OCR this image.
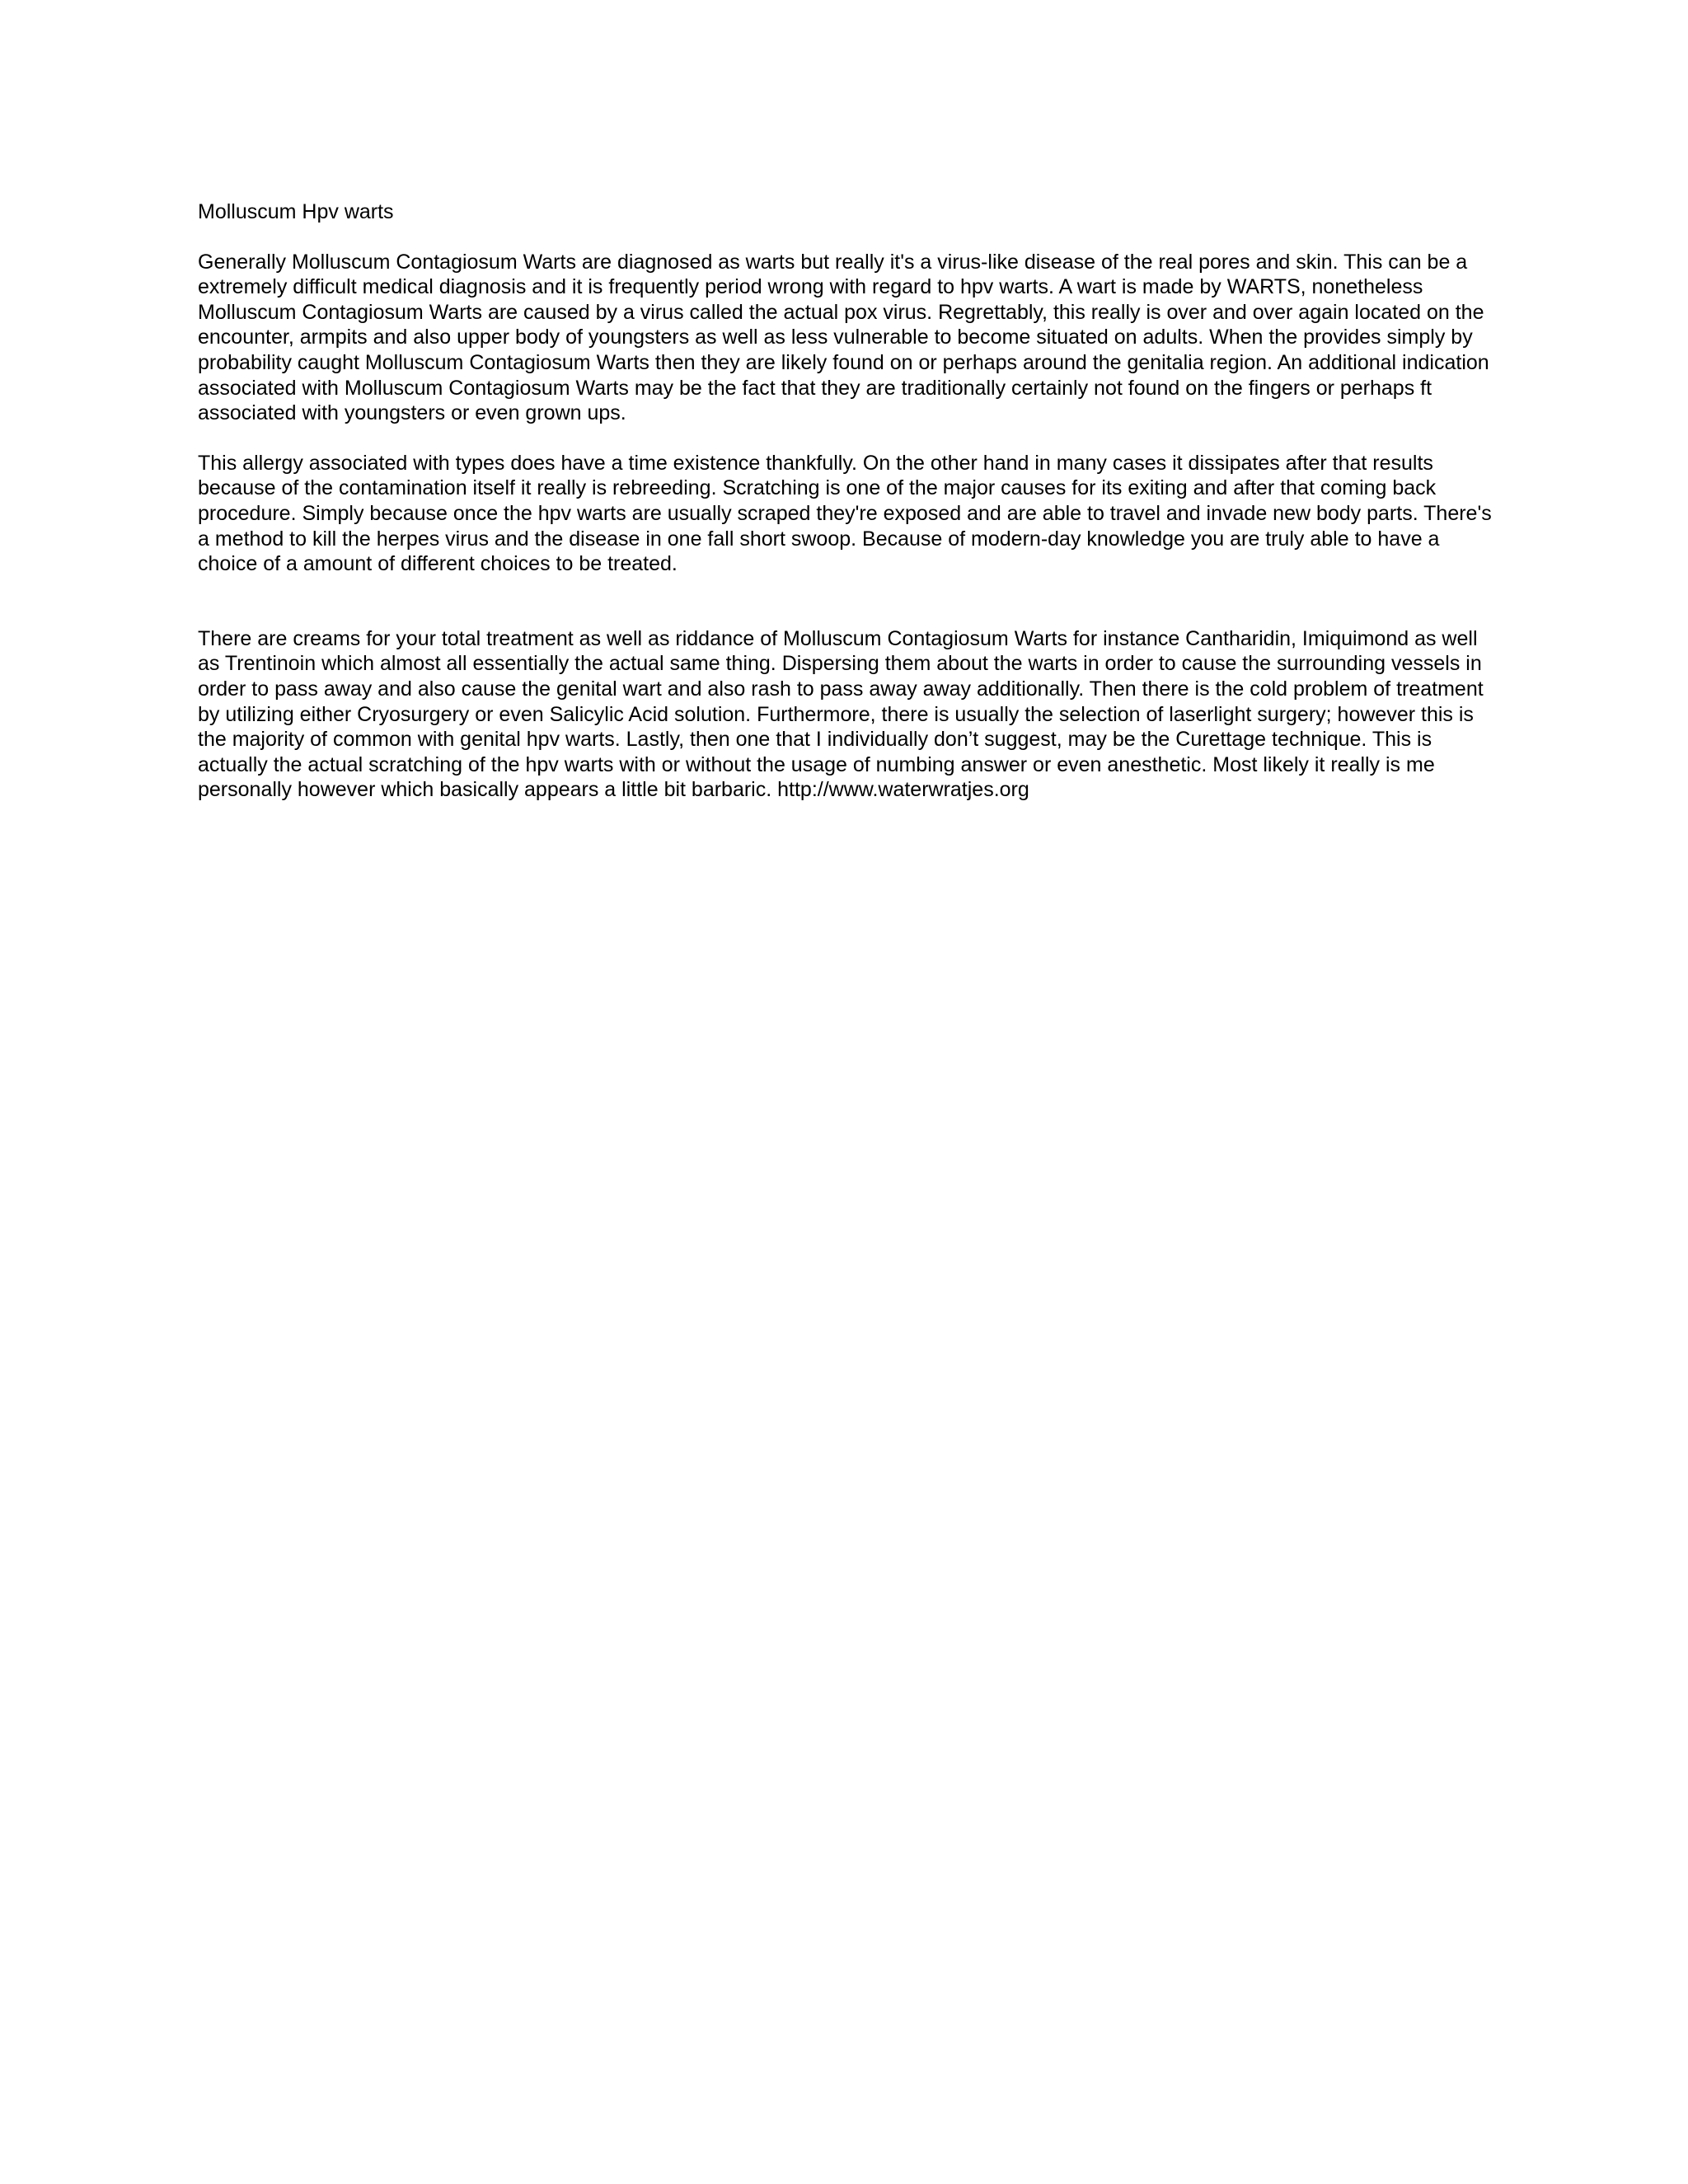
Molluscum Hpv warts

Generally Molluscum Contagiosum Warts are diagnosed as warts but really it's a virus-like disease of the real pores and skin. This can be a extremely difficult medical diagnosis and it is frequently period wrong with regard to hpv warts. A wart is made by WARTS, nonetheless Molluscum Contagiosum Warts are caused by a virus called the actual pox virus. Regrettably, this really is over and over again located on the encounter, armpits and also upper body of youngsters as well as less vulnerable to become situated on adults. When the provides simply by probability caught Molluscum Contagiosum Warts then they are likely found on or perhaps around the genitalia region. An additional indication associated with Molluscum Contagiosum Warts may be the fact that they are traditionally certainly not found on the fingers or perhaps ft associated with youngsters or even grown ups.

This allergy associated with types does have a time existence thankfully. On the other hand in many cases it dissipates after that results because of the contamination itself it really is rebreeding. Scratching is one of the major causes for its exiting and after that coming back procedure. Simply because once the hpv warts are usually scraped they're exposed and are able to travel and invade new body parts. There's a method to kill the herpes virus and the disease in one fall short swoop. Because of modern-day knowledge you are truly able to have a choice of a amount of different choices to be treated.

There are creams for your total treatment as well as riddance of Molluscum Contagiosum Warts for instance Cantharidin, Imiquimond as well as Trentinoin which almost all essentially the actual same thing. Dispersing them about the warts in order to cause the surrounding vessels in order to pass away and also cause the genital wart and also rash to pass away away additionally. Then there is the cold problem of treatment by utilizing either Cryosurgery or even Salicylic Acid solution. Furthermore, there is usually the selection of laserlight surgery; however this is the majority of common with genital hpv warts. Lastly, then one that I individually don’t suggest, may be the Curettage technique. This is actually the actual scratching of the hpv warts with or without the usage of numbing answer or even anesthetic. Most likely it really is me personally however which basically appears a little bit barbaric. http://www.waterwratjes.org
